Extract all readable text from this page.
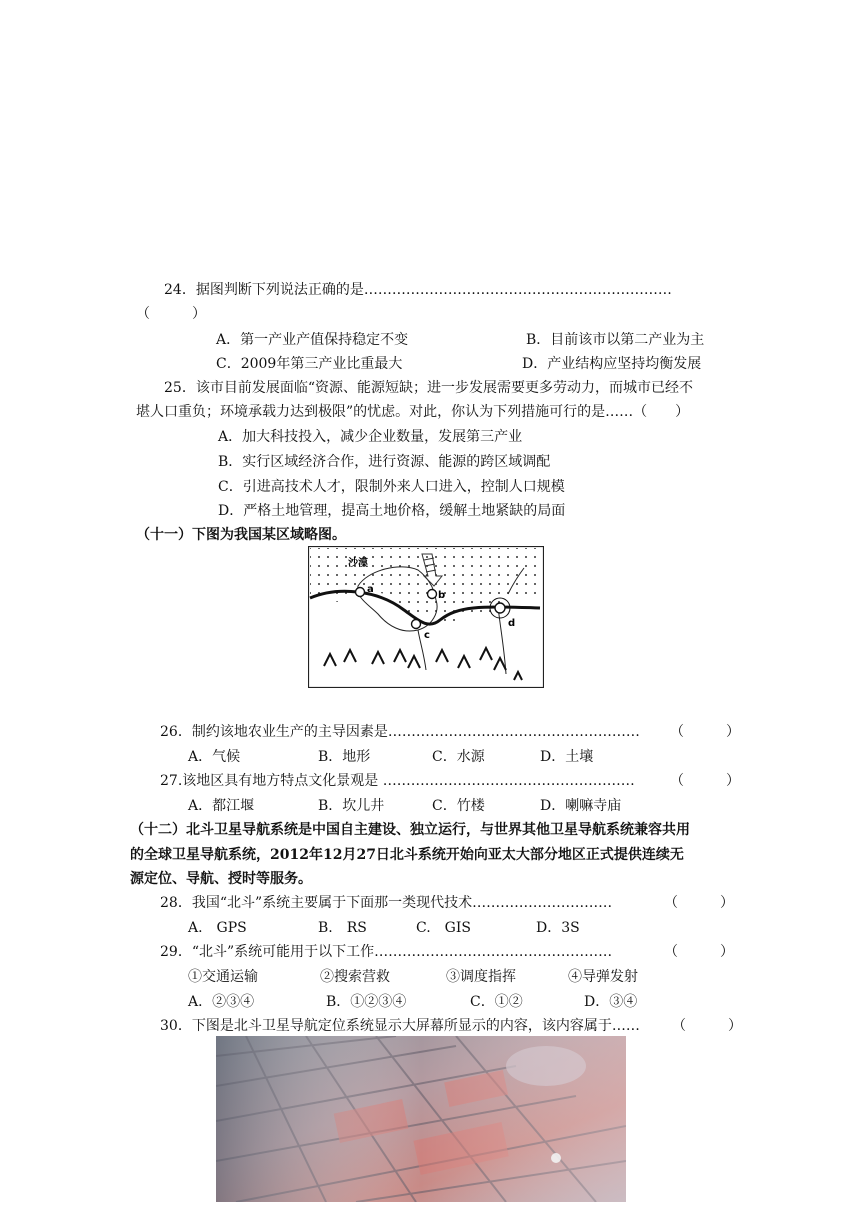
24．据图判断下列说法正确的是…………………………………………………………
（　　　）
A．第一产业产值保持稳定不变	B．目前该市以第二产业为主
C．2009年第三产业比重最大	D．产业结构应坚持均衡发展
25．该市目前发展面临“资源、能源短缺；进一步发展需要更多劳动力，而城市已经不
堪人口重负；环境承载力达到极限”的忧虑。对此，你认为下列措施可行的是……（　　）
A．加大科技投入，减少企业数量，发展第三产业
B．实行区域经济合作，进行资源、能源的跨区域调配
C．引进高技术人才，限制外来人口进入，控制人口规模
D．严格土地管理，提高土地价格，缓解土地紧缺的局面
（十一）下图为我国某区域略图。
沙漠
a
b
c
d
26．制约该地农业生产的主导因素是……………………………………………… （　　　）
A．气候	B．地形	C．水源	D．土壤
27.该地区具有地方特点文化景观是 ………………………………………………	（　　　）
A．都江堰	B．坎儿井	C．竹楼	D．喇嘛寺庙
（十二）北斗卫星导航系统是中国自主建设、独立运行，与世界其他卫星导航系统兼容共用
的全球卫星导航系统，2012年12月27日北斗系统开始向亚太大部分地区正式提供连续无
源定位、导航、授时等服务。
28．我国“北斗”系统主要属于下面那一类现代技术…………………………	（　　　）
A.　GPS	B.　RS	C.　GIS	D．3S
29．“北斗”系统可能用于以下工作……………………………………………	（　　　）
①交通运输	②搜索营救	③调度指挥	④导弹发射
A．②③④	B．①②③④	C．①②	D．③④
30．下图是北斗卫星导航定位系统显示大屏幕所显示的内容，该内容属于…… （　　　）
